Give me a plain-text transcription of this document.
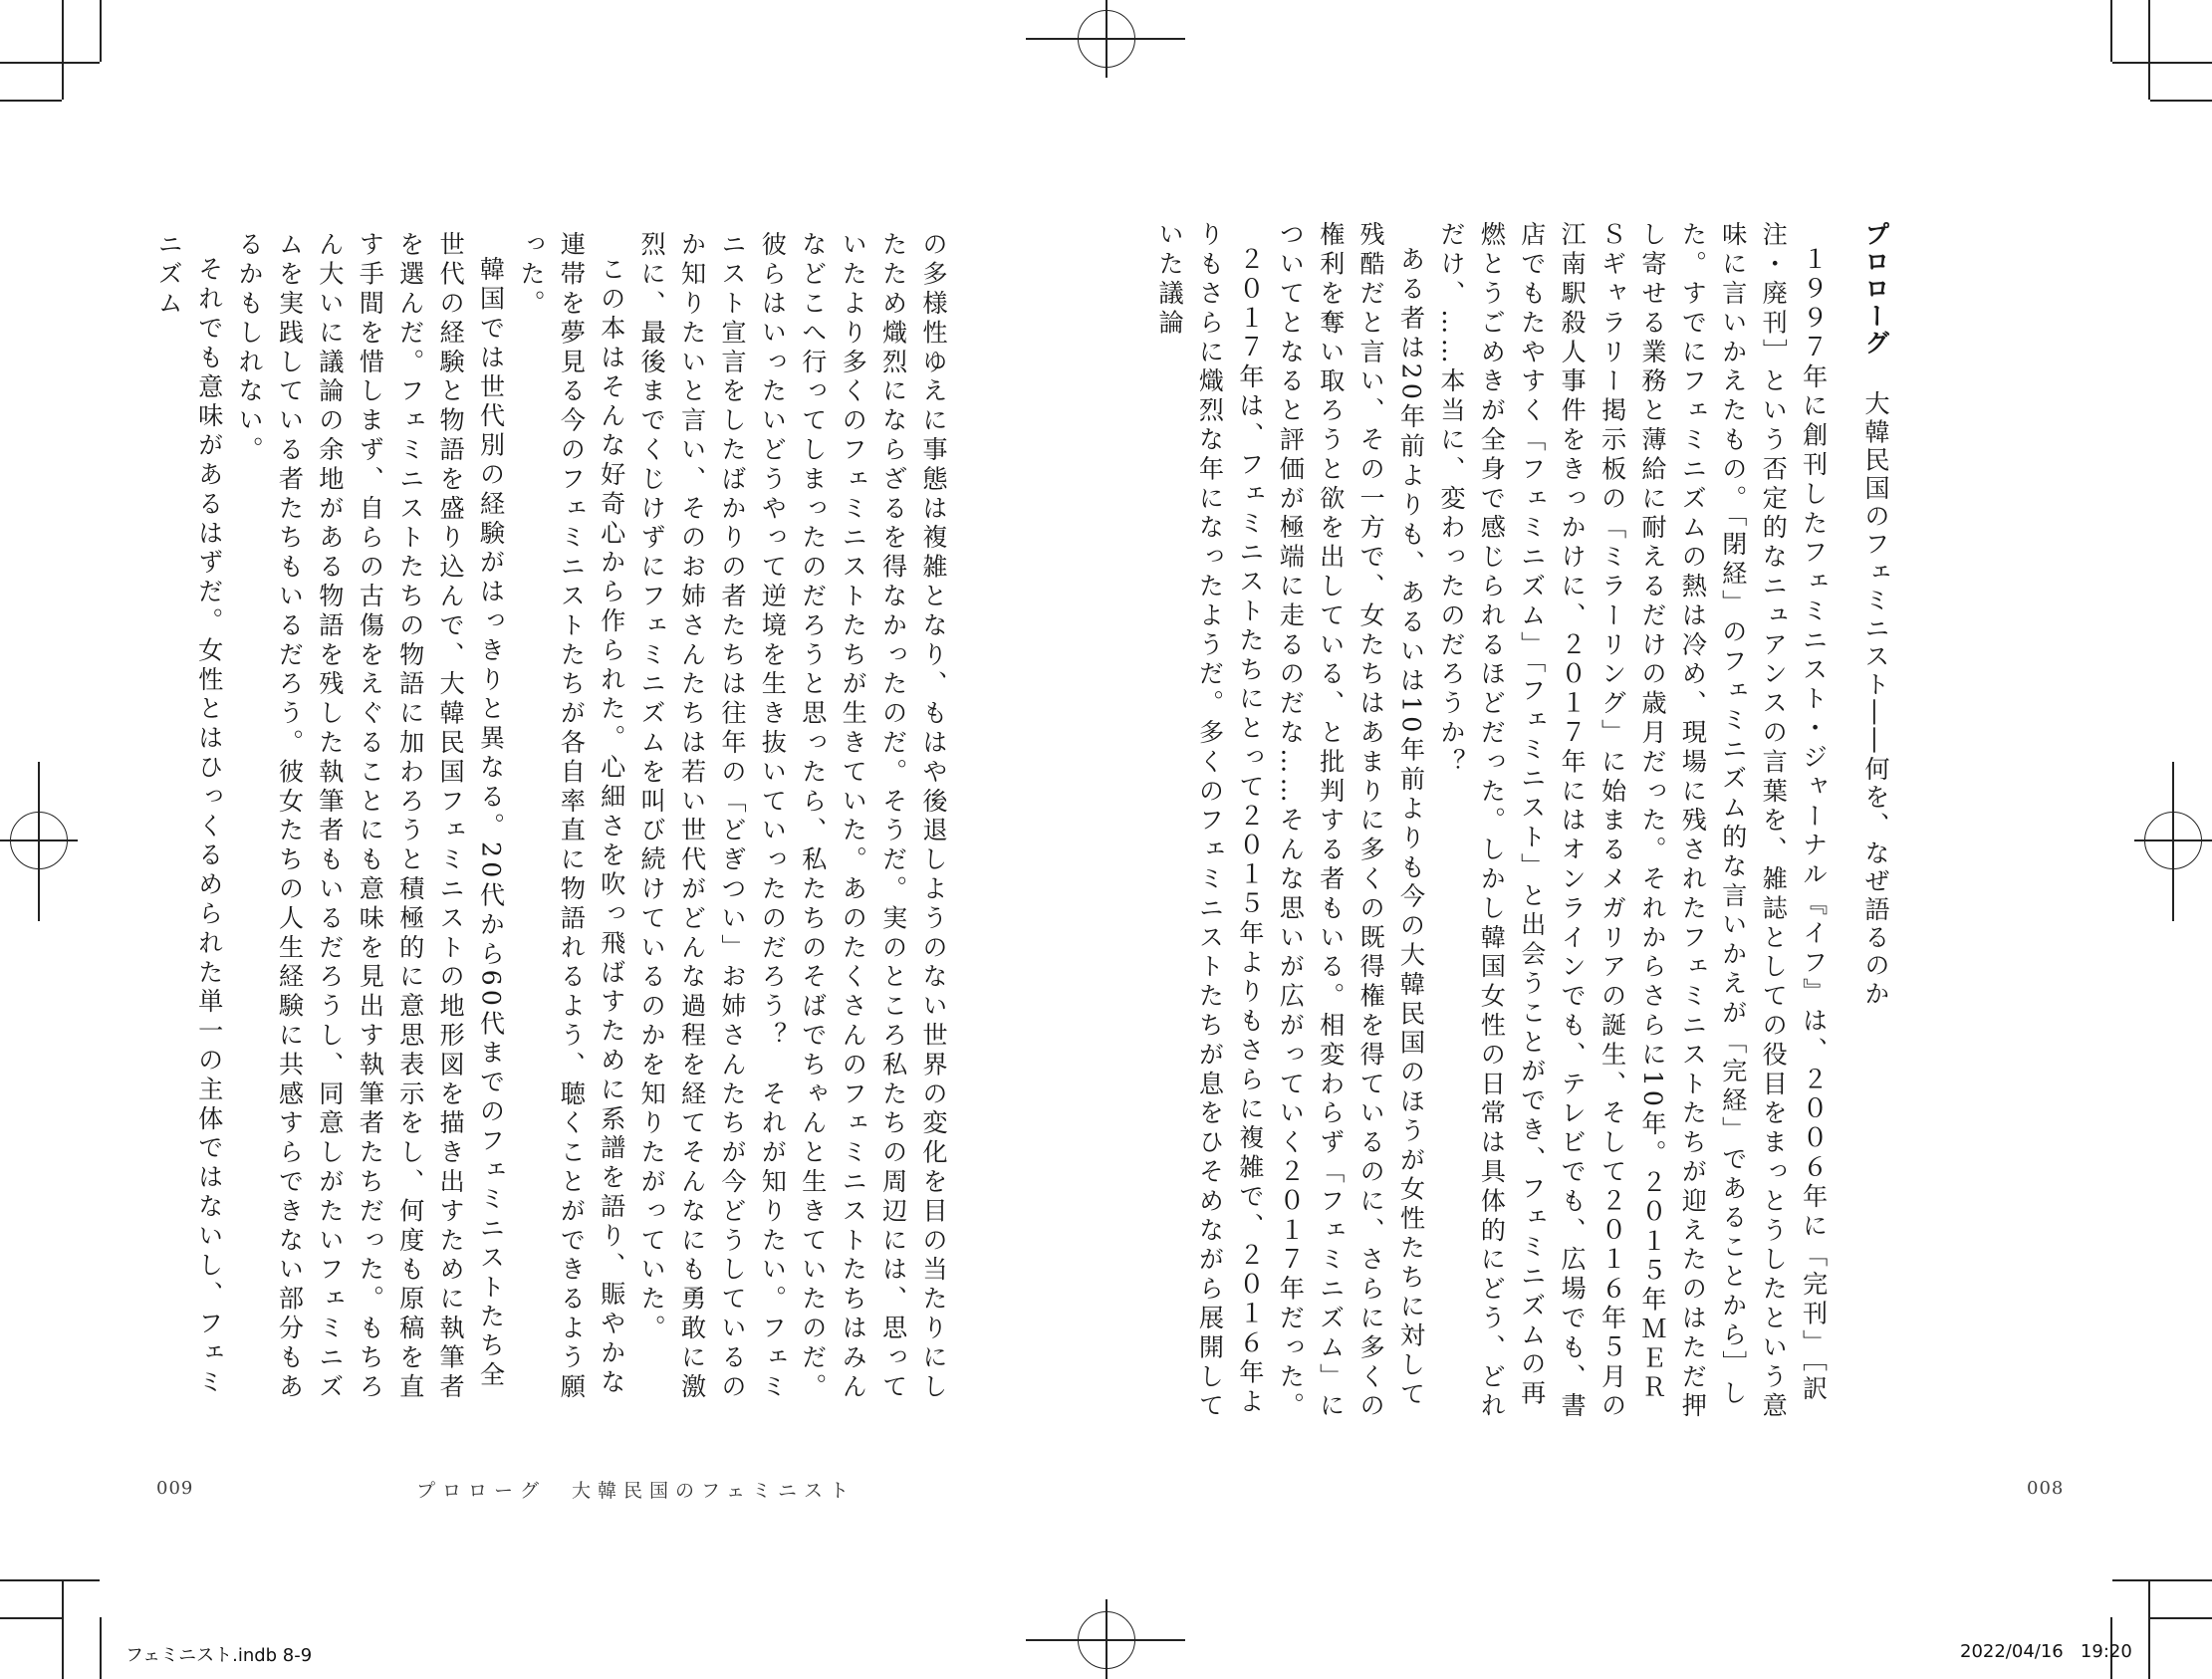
プロローグ大韓民国のフェミニスト――何を、なぜ語るのか

１９９７年に創刊したフェミニスト・ジャーナル『イフ』は、２００６年に「完刊」［訳注・廃刊］という否定的なニュアンスの言葉を、雑誌としての役目をまっとうしたという意味に言いかえたもの。「閉経」のフェミニズム的な言いかえが「完経」であることから］した。すでにフェミニズムの熱は冷め、現場に残されたフェミニストたちが迎えたのはただ押し寄せる業務と薄給に耐えるだけの歳月だった。それからさらに10年。２０１５年ＭＥＲＳギャラリー掲示板の「ミラーリング」に始まるメガリアの誕生、そして２０１６年５月の江南駅殺人事件をきっかけに、２０１７年にはオンラインでも、テレビでも、広場でも、書店でもたやすく「フェミニズム」「フェミニスト」と出会うことができ、フェミニズムの再燃とうごめきが全身で感じられるほどだった。しかし韓国女性の日常は具体的にどう、どれだけ、……本当に、変わったのだろうか？

ある者は20年前よりも、あるいは10年前よりも今の大韓民国のほうが女性たちに対して残酷だと言い、その一方で、女たちはあまりに多くの既得権を得ているのに、さらに多くの権利を奪い取ろうと欲を出している、と批判する者もいる。相変わらず「フェミニズム」についてとなると評価が極端に走るのだな……そんな思いが広がっていく２０１７年だった。

２０１７年は、フェミニストたちにとって２０１５年よりもさらに複雑で、２０１６年よりもさらに熾烈な年になったようだ。多くのフェミニストたちが息をひそめながら展開していた議論

の多様性ゆえに事態は複雑となり、もはや後退しようのない世界の変化を目の当たりにしたため熾烈にならざるを得なかったのだ。そうだ。実のところ私たちの周辺には、思っていたより多くのフェミニストたちが生きていた。あのたくさんのフェミニストたちはみんなどこへ行ってしまったのだろうと思ったら、私たちのそばでちゃんと生きていたのだ。彼らはいったいどうやって逆境を生き抜いていったのだろう？　それが知りたい。フェミニスト宣言をしたばかりの者たちは往年の「どぎつい」お姉さんたちが今どうしているのか知りたいと言い、そのお姉さんたちは若い世代がどんな過程を経てそんなにも勇敢に激烈に、最後までくじけずにフェミニズムを叫び続けているのかを知りたがっていた。

この本はそんな好奇心から作られた。心細さを吹っ飛ばすために系譜を語り、賑やかな連帯を夢見る今のフェミニストたちが各自率直に物語れるよう、聴くことができるよう願った。

韓国では世代別の経験がはっきりと異なる。20代から60代までのフェミニストたち全世代の経験と物語を盛り込んで、大韓民国フェミニストの地形図を描き出すために執筆者を選んだ。フェミニストたちの物語に加わろうと積極的に意思表示をし、何度も原稿を直す手間を惜しまず、自らの古傷をえぐることにも意味を見出す執筆者たちだった。もちろん大いに議論の余地がある物語を残した執筆者もいるだろうし、同意しがたいフェミニズムを実践している者たちもいるだろう。彼女たちの人生経験に共感すらできない部分もあるかもしれない。

それでも意味があるはずだ。女性とはひっくるめられた単一の主体ではないし、フェミニズム

009	プロローグ　大韓民国のフェミニスト	008
フェミニスト.indb 8-9	2022/04/16   19:20
